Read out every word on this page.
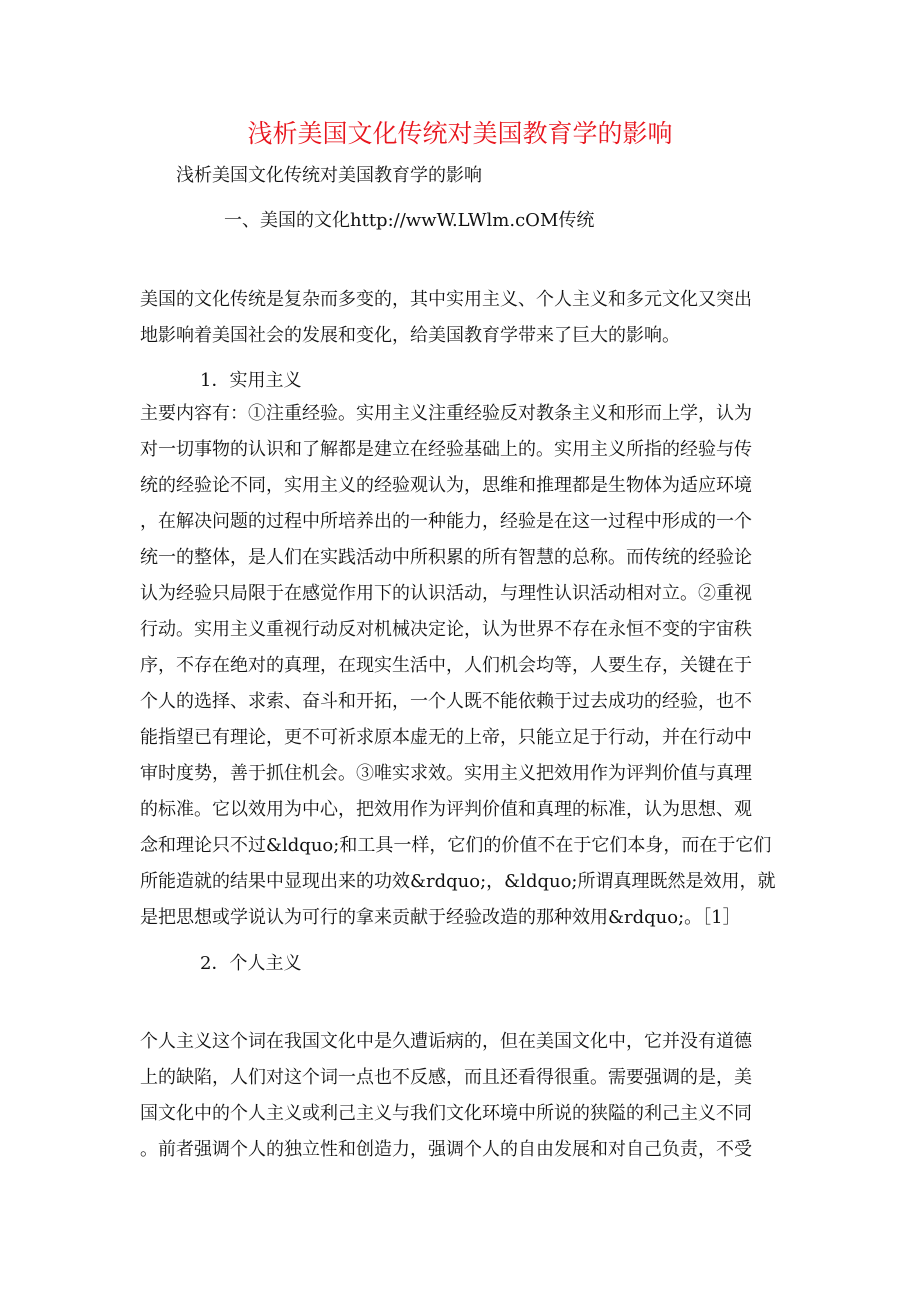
浅析美国文化传统对美国教育学的影响
浅析美国文化传统对美国教育学的影响
一、美国的文化http://wwW.LWlm.cOM传统
美国的文化传统是复杂而多变的，其中实用主义、个人主义和多元文化又突出
地影响着美国社会的发展和变化，给美国教育学带来了巨大的影响。
1．实用主义
主要内容有：①注重经验。实用主义注重经验反对教条主义和形而上学，认为
对一切事物的认识和了解都是建立在经验基础上的。实用主义所指的经验与传
统的经验论不同，实用主义的经验观认为，思维和推理都是生物体为适应环境
，在解决问题的过程中所培养出的一种能力，经验是在这一过程中形成的一个
统一的整体，是人们在实践活动中所积累的所有智慧的总称。而传统的经验论
认为经验只局限于在感觉作用下的认识活动，与理性认识活动相对立。②重视
行动。实用主义重视行动反对机械决定论，认为世界不存在永恒不变的宇宙秩
序，不存在绝对的真理，在现实生活中，人们机会均等，人要生存，关键在于
个人的选择、求索、奋斗和开拓，一个人既不能依赖于过去成功的经验，也不
能指望已有理论，更不可祈求原本虚无的上帝，只能立足于行动，并在行动中
审时度势，善于抓住机会。③唯实求效。实用主义把效用作为评判价值与真理
的标准。它以效用为中心，把效用作为评判价值和真理的标准，认为思想、观
念和理论只不过&ldquo;和工具一样，它们的价值不在于它们本身，而在于它们
所能造就的结果中显现出来的功效&rdquo;，&ldquo;所谓真理既然是效用，就
是把思想或学说认为可行的拿来贡献于经验改造的那种效用&rdquo;。［1］
2．个人主义
个人主义这个词在我国文化中是久遭诟病的，但在美国文化中，它并没有道德
上的缺陷，人们对这个词一点也不反感，而且还看得很重。需要强调的是，美
国文化中的个人主义或利己主义与我们文化环境中所说的狭隘的利己主义不同
。前者强调个人的独立性和创造力，强调个人的自由发展和对自己负责，不受
